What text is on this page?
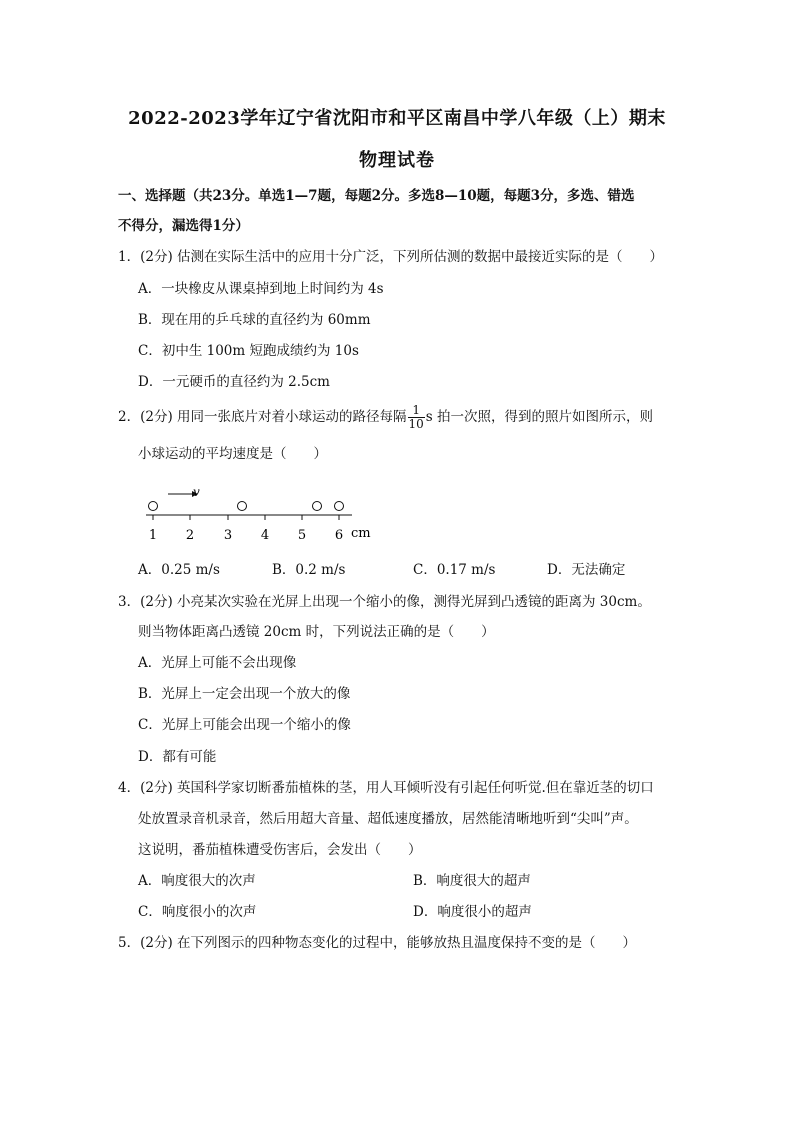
2022-2023学年辽宁省沈阳市和平区南昌中学八年级（上）期末
物理试卷
一、选择题（共23分。单选1—7题，每题2分。多选8—10题，每题3分，多选、错选
不得分，漏选得1分）
1．(2分) 估测在实际生活中的应用十分广泛，下列所估测的数据中最接近实际的是（　　）
A．一块橡皮从课桌掉到地上时间约为 4s
B．现在用的乒乓球的直径约为 60mm
C．初中生 100m 短跑成绩约为 10s
D．一元硬币的直径约为 2.5cm
2．(2分) 用同一张底片对着小球运动的路径每隔 $\frac{1}{10}$ s 拍一次照，得到的照片如图所示，则
小球运动的平均速度是（　　）
v
1 2 3 4 5 6 cm
A．0.25 m/s	B．0.2 m/s	C．0.17 m/s	D．无法确定
3．(2分) 小亮某次实验在光屏上出现一个缩小的像，测得光屏到凸透镜的距离为 30cm。
则当物体距离凸透镜 20cm 时，下列说法正确的是（　　）
A．光屏上可能不会出现像
B．光屏上一定会出现一个放大的像
C．光屏上可能会出现一个缩小的像
D．都有可能
4．(2分) 英国科学家切断番茄植株的茎，用人耳倾听没有引起任何听觉.但在靠近茎的切口
处放置录音机录音，然后用超大音量、超低速度播放，居然能清晰地听到“尖叫”声。
这说明，番茄植株遭受伤害后，会发出（　　）
A．响度很大的次声	B．响度很大的超声
C．响度很小的次声	D．响度很小的超声
5．(2分) 在下列图示的四种物态变化的过程中，能够放热且温度保持不变的是（　　）
